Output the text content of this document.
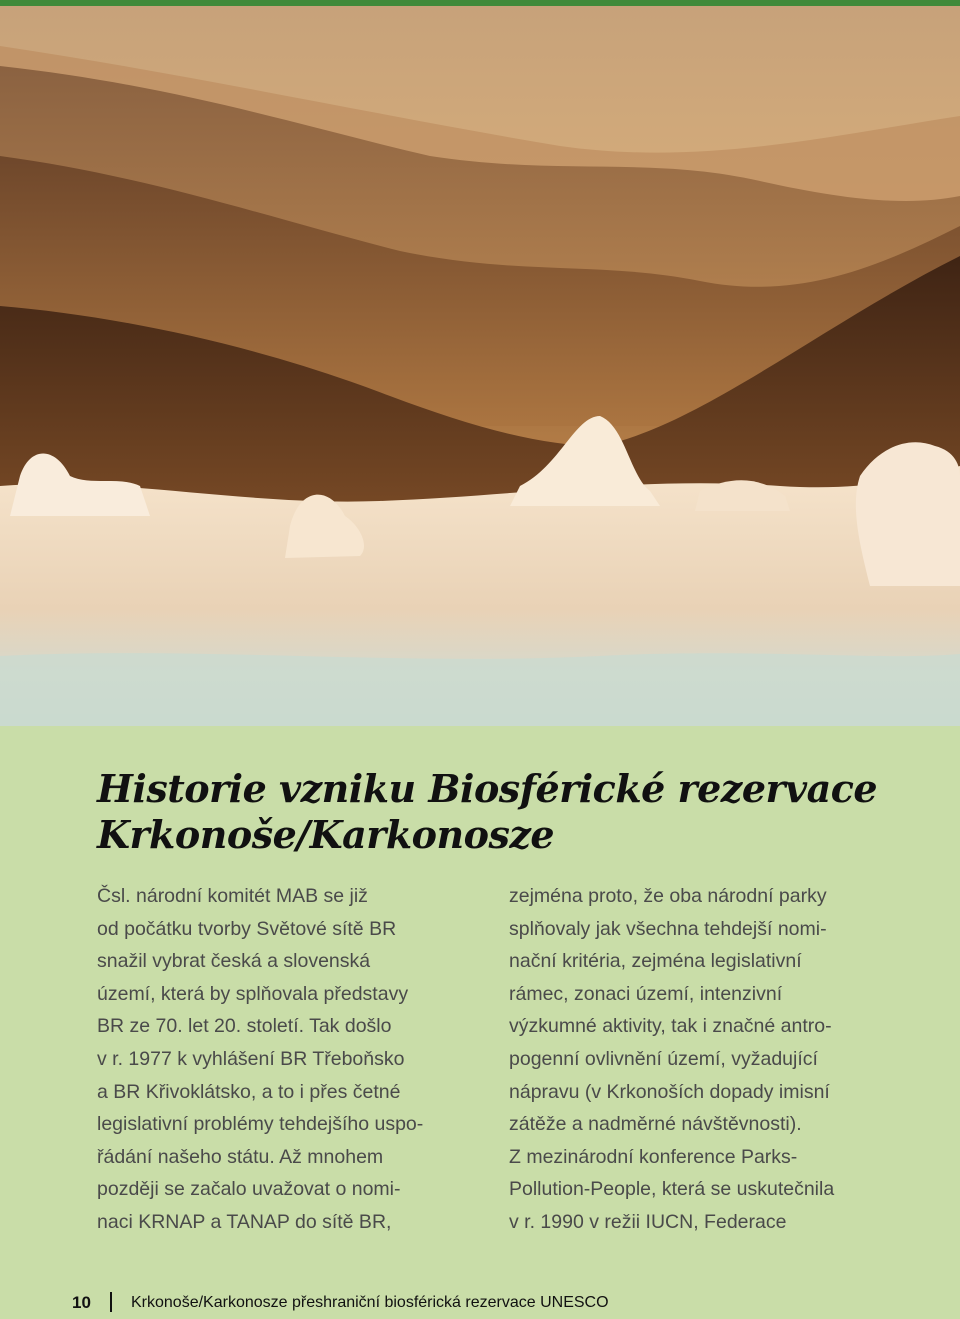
Historie vzniku Biosférické rezervace
Krkonoše/Karkonosze
Čsl. národní komitét MAB se již
od počátku tvorby Světové sítě BR
snažil vybrat česká a slovenská
území, která by splňovala představy
BR ze 70. let 20. století. Tak došlo
v r. 1977 k vyhlášení BR Třeboňsko
a BR Křivoklátsko, a to i přes četné
legislativní problémy tehdejšího uspo-
řádání našeho státu. Až mnohem
později se začalo uvažovat o nomi-
naci KRNAP a TANAP do sítě BR,
zejména proto, že oba národní parky
splňovaly jak všechna tehdejší nomi-
nační kritéria, zejména legislativní
rámec, zonaci území, intenzivní
výzkumné aktivity, tak i značné antro-
pogenní ovlivnění území, vyžadující
nápravu (v Krkonoších dopady imisní
zátěže a nadměrné návštěvnosti).
Z mezinárodní konference Parks-
Pollution-People, která se uskutečnila
v r. 1990 v režii IUCN, Federace
10	Krkonoše/Karkonosze přeshraniční biosférická rezervace UNESCO
